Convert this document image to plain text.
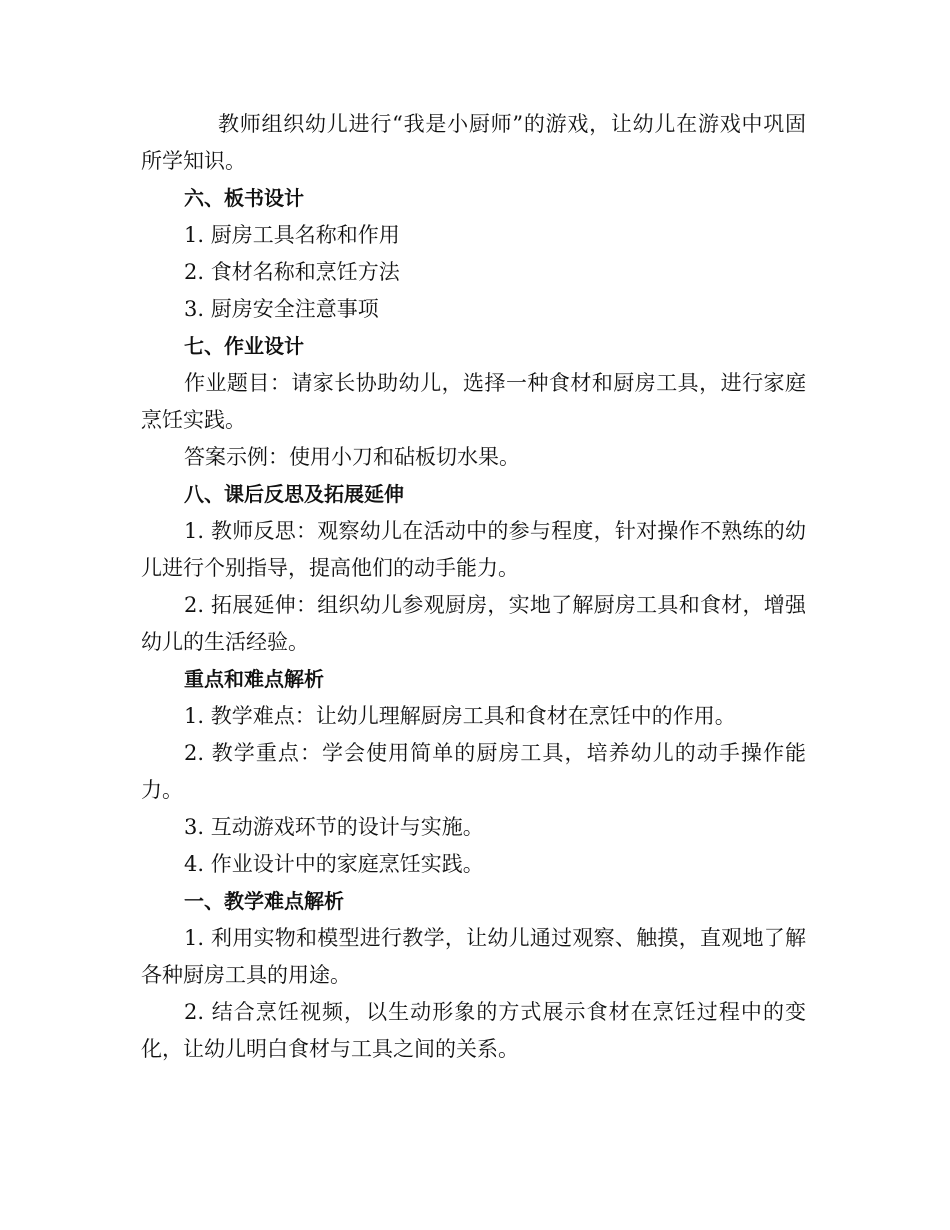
教师组织幼儿进行“我是小厨师”的游戏，让幼儿在游戏中巩固所学知识。

六、板书设计

1. 厨房工具名称和作用

2. 食材名称和烹饪方法

3. 厨房安全注意事项

七、作业设计

作业题目：请家长协助幼儿，选择一种食材和厨房工具，进行家庭烹饪实践。

答案示例：使用小刀和砧板切水果。

八、课后反思及拓展延伸

1. 教师反思：观察幼儿在活动中的参与程度，针对操作不熟练的幼儿进行个别指导，提高他们的动手能力。

2. 拓展延伸：组织幼儿参观厨房，实地了解厨房工具和食材，增强幼儿的生活经验。

重点和难点解析

1. 教学难点：让幼儿理解厨房工具和食材在烹饪中的作用。

2. 教学重点：学会使用简单的厨房工具，培养幼儿的动手操作能力。

3. 互动游戏环节的设计与实施。

4. 作业设计中的家庭烹饪实践。

一、教学难点解析

1. 利用实物和模型进行教学，让幼儿通过观察、触摸，直观地了解各种厨房工具的用途。

2. 结合烹饪视频，以生动形象的方式展示食材在烹饪过程中的变化，让幼儿明白食材与工具之间的关系。
